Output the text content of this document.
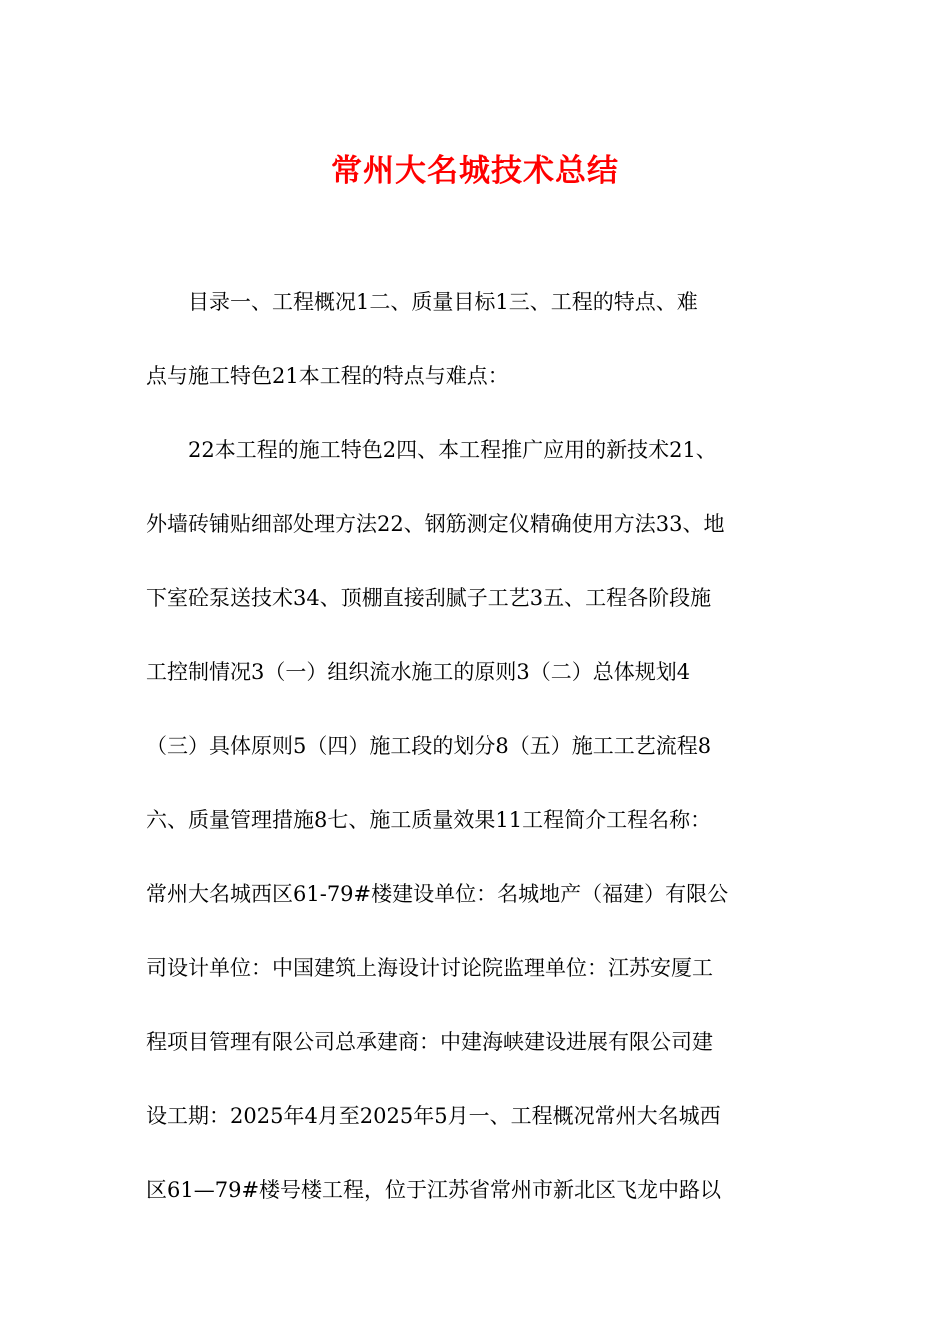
常州大名城技术总结
目录一、工程概况1二、质量目标1三、工程的特点、难
点与施工特色21本工程的特点与难点：
22本工程的施工特色2四、本工程推广应用的新技术21、
外墙砖铺贴细部处理方法22、钢筋测定仪精确使用方法33、地
下室砼泵送技术34、顶棚直接刮腻子工艺3五、工程各阶段施
工控制情况3（一）组织流水施工的原则3（二）总体规划4
（三）具体原则5（四）施工段的划分8（五）施工工艺流程8
六、质量管理措施8七、施工质量效果11工程简介工程名称：
常州大名城西区61-79#楼建设单位：名城地产（福建）有限公
司设计单位：中国建筑上海设计讨论院监理单位：江苏安厦工
程项目管理有限公司总承建商：中建海峡建设进展有限公司建
设工期：2025年4月至2025年5月一、工程概况常州大名城西
区61—79#楼号楼工程，位于江苏省常州市新北区飞龙中路以
